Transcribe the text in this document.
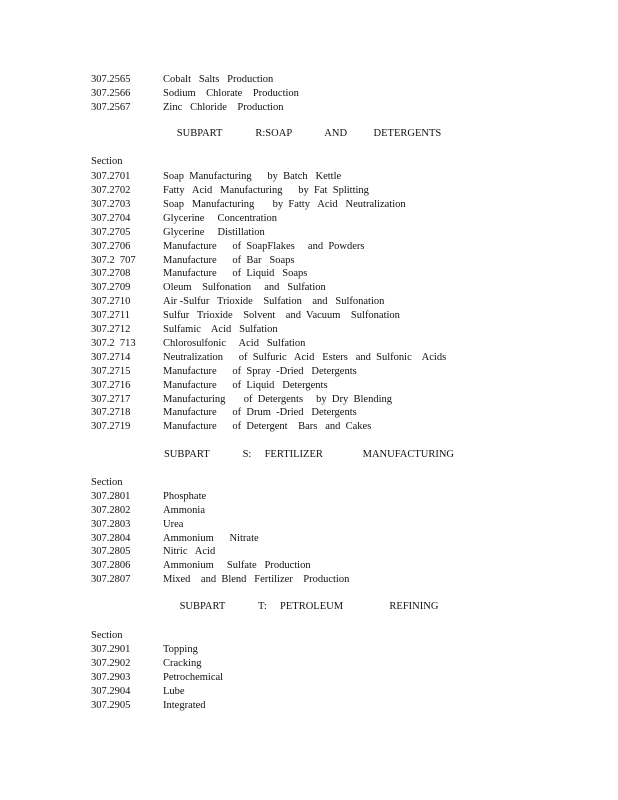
307.2565	Cobalt   Salts   Production
307.2566	Sodium    Chlorate    Production
307.2567	Zinc   Chloride    Production
SUBPART     R:SOAP     AND    DETERGENTS
Section
307.2701	Soap  Manufacturing      by  Batch   Kettle
307.2702	Fatty   Acid   Manufacturing      by  Fat  Splitting
307.2703	Soap   Manufacturing       by  Fatty   Acid   Neutralization
307.2704	Glycerine     Concentration
307.2705	Glycerine     Distillation
307.2706	Manufacture      of  SoapFlakes     and  Powders
307.2  707	Manufacture      of  Bar   Soaps
307.2708	Manufacture      of  Liquid   Soaps
307.2709	Oleum    Sulfonation     and   Sulfation
307.2710	Air -Sulfur   Trioxide    Sulfation    and   Sulfonation
307.2711	Sulfur   Trioxide    Solvent    and  Vacuum    Sulfonation
307.2712	Sulfamic    Acid   Sulfation
307.2  713	Chlorosulfonic     Acid   Sulfation
307.2714	Neutralization      of  Sulfuric   Acid   Esters   and  Sulfonic    Acids
307.2715	Manufacture      of  Spray  -Dried   Detergents
307.2716	Manufacture      of  Liquid   Detergents
307.2717	Manufacturing       of  Detergents     by  Dry  Blending
307.2718	Manufacture      of  Drum  -Dried   Detergents
307.2719	Manufacture      of  Detergent    Bars   and  Cakes
SUBPART     S:  FERTILIZER      MANUFACTURING
Section
307.2801	Phosphate
307.2802	Ammonia
307.2803	Urea
307.2804	Ammonium      Nitrate
307.2805	Nitric   Acid
307.2806	Ammonium     Sulfate   Production
307.2807	Mixed    and  Blend   Fertilizer    Production
SUBPART     T:  PETROLEUM       REFINING
Section
307.2901	Topping
307.2902	Cracking
307.2903	Petrochemical
307.2904	Lube
307.2905	Integrated
